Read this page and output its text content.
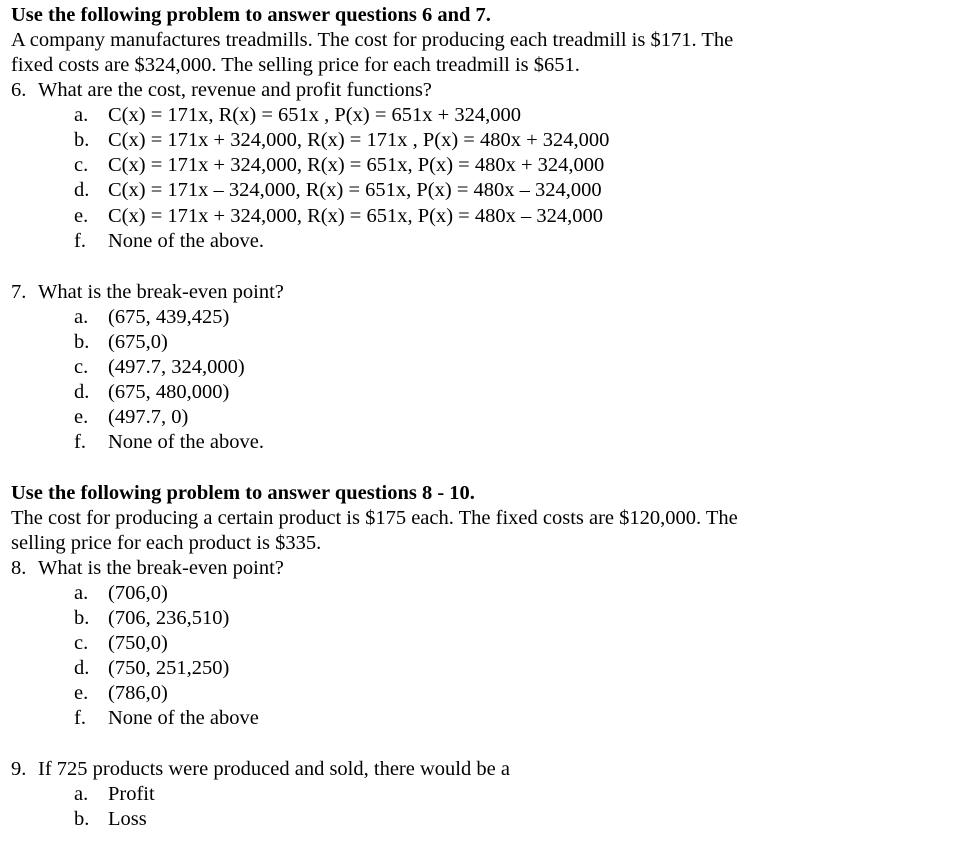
Use the following problem to answer questions 6 and 7.
A company manufactures treadmills. The cost for producing each treadmill is $171. The
fixed costs are $324,000. The selling price for each treadmill is $651.
6. What are the cost, revenue and profit functions?
a. C(x) = 171x, R(x) = 651x , P(x) = 651x + 324,000
b. C(x) = 171x + 324,000, R(x) = 171x , P(x) = 480x + 324,000
c. C(x) = 171x + 324,000, R(x) = 651x, P(x) = 480x + 324,000
d. C(x) = 171x – 324,000, R(x) = 651x, P(x) = 480x – 324,000
e. C(x) = 171x + 324,000, R(x) = 651x, P(x) = 480x – 324,000
f. None of the above.
7. What is the break-even point?
a. (675, 439,425)
b. (675,0)
c. (497.7, 324,000)
d. (675, 480,000)
e. (497.7, 0)
f. None of the above.
Use the following problem to answer questions 8 - 10.
The cost for producing a certain product is $175 each. The fixed costs are $120,000. The
selling price for each product is $335.
8. What is the break-even point?
a. (706,0)
b. (706, 236,510)
c. (750,0)
d. (750, 251,250)
e. (786,0)
f. None of the above
9. If 725 products were produced and sold, there would be a
a. Profit
b. Loss
